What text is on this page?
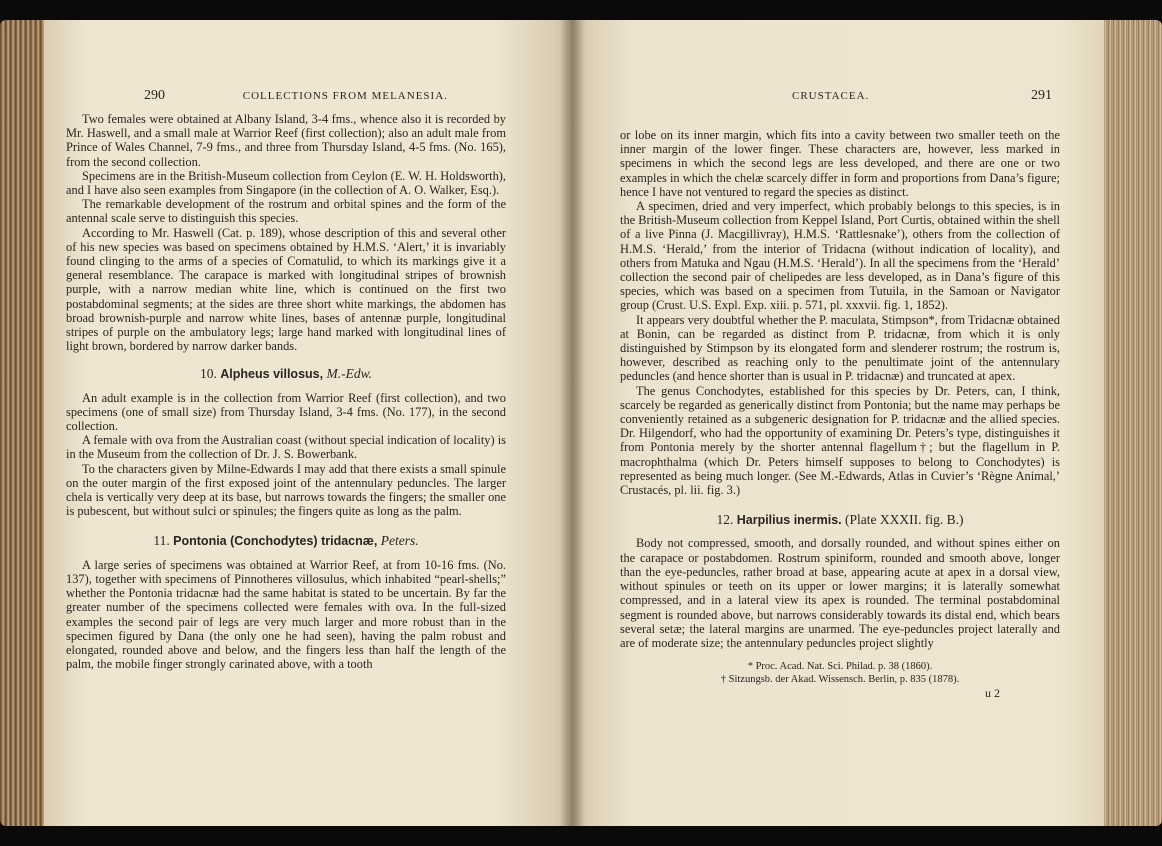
290	COLLECTIONS FROM MELANESIA.

Two females were obtained at Albany Island, 3-4 fms., whence also it is recorded by Mr. Haswell, and a small male at Warrior Reef (first collection); also an adult male from Prince of Wales Channel, 7-9 fms., and three from Thursday Island, 4-5 fms. (No. 165), from the second collection.

Specimens are in the British-Museum collection from Ceylon (E. W. H. Holdsworth), and I have also seen examples from Singapore (in the collection of A. O. Walker, Esq.).

The remarkable development of the rostrum and orbital spines and the form of the antennal scale serve to distinguish this species.

According to Mr. Haswell (Cat. p. 189), whose description of this and several other of his new species was based on specimens obtained by H.M.S. ‘Alert,’ it is invariably found clinging to the arms of a species of Comatulid, to which its markings give it a general resemblance. The carapace is marked with longitudinal stripes of brownish purple, with a narrow median white line, which is continued on the first two postabdominal segments; at the sides are three short white markings, the abdomen has broad brownish-purple and narrow white lines, bases of antennæ purple, longitudinal stripes of purple on the ambulatory legs; large hand marked with longitudinal lines of light brown, bordered by narrow darker bands.

10. Alpheus villosus, M.-Edw.

An adult example is in the collection from Warrior Reef (first collection), and two specimens (one of small size) from Thursday Island, 3-4 fms. (No. 177), in the second collection.

A female with ova from the Australian coast (without special indication of locality) is in the Museum from the collection of Dr. J. S. Bowerbank.

To the characters given by Milne-Edwards I may add that there exists a small spinule on the outer margin of the first exposed joint of the antennulary peduncles. The larger chela is vertically very deep at its base, but narrows towards the fingers; the smaller one is pubescent, but without sulci or spinules; the fingers quite as long as the palm.

11. Pontonia (Conchodytes) tridacnæ, Peters.

A large series of specimens was obtained at Warrior Reef, at from 10-16 fms. (No. 137), together with specimens of Pinnotheres villosulus, which inhabited “pearl-shells;” whether the Pontonia tridacnæ had the same habitat is stated to be uncertain. By far the greater number of the specimens collected were females with ova. In the full-sized examples the second pair of legs are very much larger and more robust than in the specimen figured by Dana (the only one he had seen), having the palm robust and elongated, rounded above and below, and the fingers less than half the length of the palm, the mobile finger strongly carinated above, with a tooth

CRUSTACEA.	291

or lobe on its inner margin, which fits into a cavity between two smaller teeth on the inner margin of the lower finger. These characters are, however, less marked in specimens in which the second legs are less developed, and there are one or two examples in which the chelæ scarcely differ in form and proportions from Dana’s figure; hence I have not ventured to regard the species as distinct.

A specimen, dried and very imperfect, which probably belongs to this species, is in the British-Museum collection from Keppel Island, Port Curtis, obtained within the shell of a live Pinna (J. Macgillivray), H.M.S. ‘Rattlesnake’), others from the collection of H.M.S. ‘Herald,’ from the interior of Tridacna (without indication of locality), and others from Matuka and Ngau (H.M.S. ‘Herald’). In all the specimens from the ‘Herald’ collection the second pair of chelipedes are less developed, as in Dana’s figure of this species, which was based on a specimen from Tutuila, in the Samoan or Navigator group (Crust. U.S. Expl. Exp. xiii. p. 571, pl. xxxvii. fig. 1, 1852).

It appears very doubtful whether the P. maculata, Stimpson*, from Tridacnæ obtained at Bonin, can be regarded as distinct from P. tridacnæ, from which it is only distinguished by Stimpson by its elongated form and slenderer rostrum; the rostrum is, however, described as reaching only to the penultimate joint of the antennulary peduncles (and hence shorter than is usual in P. tridacnæ) and truncated at apex.

The genus Conchodytes, established for this species by Dr. Peters, can, I think, scarcely be regarded as generically distinct from Pontonia; but the name may perhaps be conveniently retained as a subgeneric designation for P. tridacnæ and the allied species. Dr. Hilgendorf, who had the opportunity of examining Dr. Peters’s type, distinguishes it from Pontonia merely by the shorter antennal flagellum†; but the flagellum in P. macrophthalma (which Dr. Peters himself supposes to belong to Conchodytes) is represented as being much longer. (See M.-Edwards, Atlas in Cuvier’s ‘Règne Animal,’ Crustacés, pl. lii. fig. 3.)

12. Harpilius inermis. (Plate XXXII. fig. B.)

Body not compressed, smooth, and dorsally rounded, and without spines either on the carapace or postabdomen. Rostrum spiniform, rounded and smooth above, longer than the eye-peduncles, rather broad at base, appearing acute at apex in a dorsal view, without spinules or teeth on its upper or lower margins; it is laterally somewhat compressed, and in a lateral view its apex is rounded. The terminal postabdominal segment is rounded above, but narrows considerably towards its distal end, which bears several setæ; the lateral margins are unarmed. The eye-peduncles project laterally and are of moderate size; the antennulary peduncles project slightly

* Proc. Acad. Nat. Sci. Philad. p. 38 (1860).
† Sitzungsb. der Akad. Wissensch. Berlin, p. 835 (1878).
u 2
